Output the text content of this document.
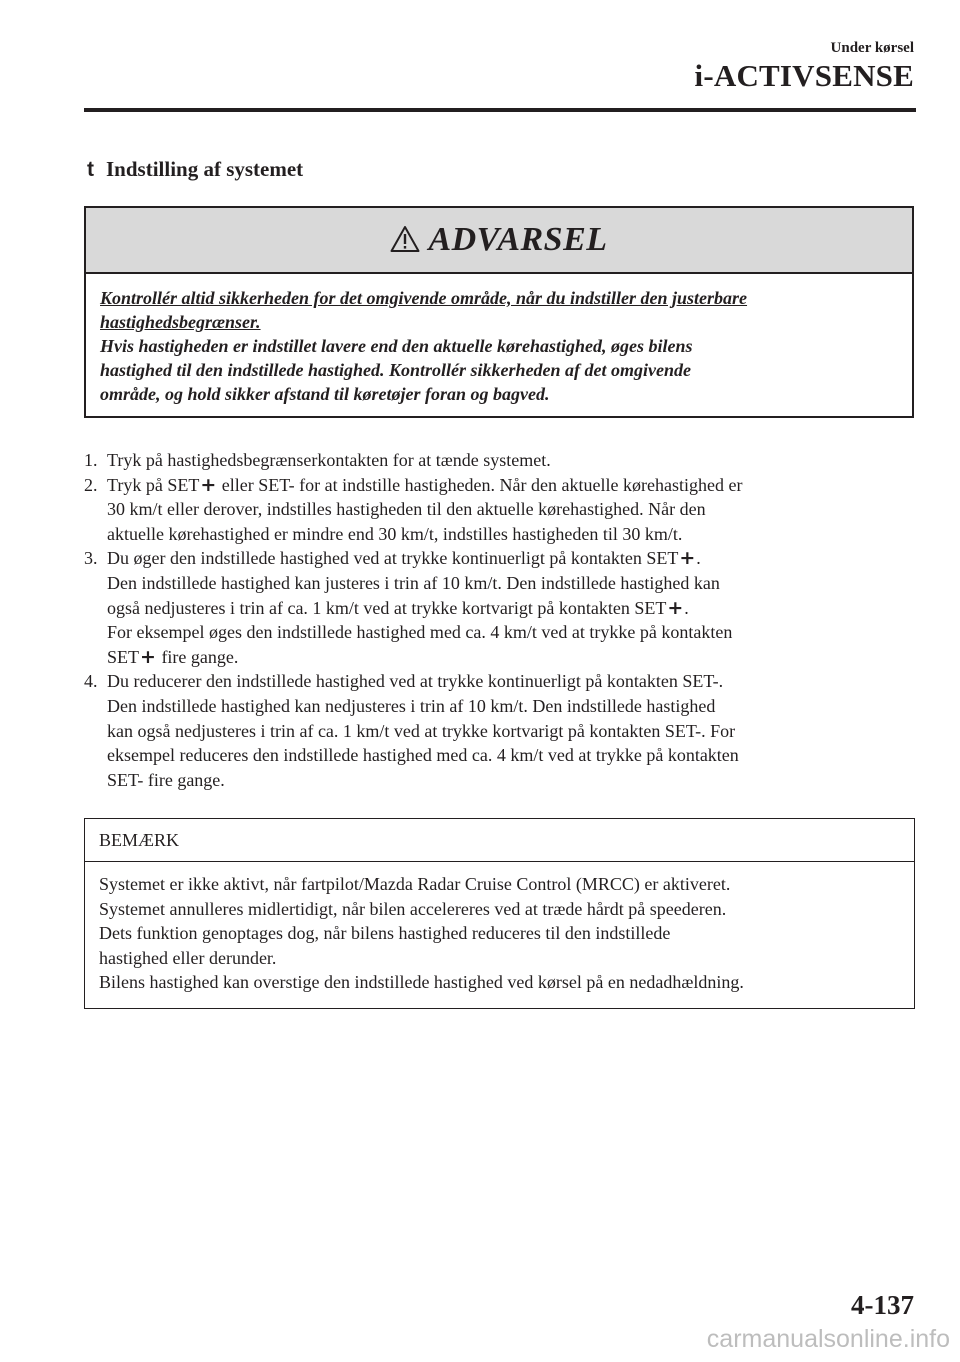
Under kørsel
i-ACTIVSENSE
t Indstilling af systemet
ADVARSEL
Kontrollér altid sikkerheden for det omgivende område, når du indstiller den justerbare
hastighedsbegrænser.
Hvis hastigheden er indstillet lavere end den aktuelle kørehastighed, øges bilens
hastighed til den indstillede hastighed. Kontrollér sikkerheden af det omgivende
område, og hold sikker afstand til køretøjer foran og bagved.
1. Tryk på hastighedsbegrænserkontakten for at tænde systemet.
2. Tryk på SET+ eller SET- for at indstille hastigheden. Når den aktuelle kørehastighed er
30 km/t eller derover, indstilles hastigheden til den aktuelle kørehastighed. Når den
aktuelle kørehastighed er mindre end 30 km/t, indstilles hastigheden til 30 km/t.
3. Du øger den indstillede hastighed ved at trykke kontinuerligt på kontakten SET+.
Den indstillede hastighed kan justeres i trin af 10 km/t. Den indstillede hastighed kan
også nedjusteres i trin af ca. 1 km/t ved at trykke kortvarigt på kontakten SET+.
For eksempel øges den indstillede hastighed med ca. 4 km/t ved at trykke på kontakten
SET+ fire gange.
4. Du reducerer den indstillede hastighed ved at trykke kontinuerligt på kontakten SET-.
Den indstillede hastighed kan nedjusteres i trin af 10 km/t. Den indstillede hastighed
kan også nedjusteres i trin af ca. 1 km/t ved at trykke kortvarigt på kontakten SET-. For
eksempel reduceres den indstillede hastighed med ca. 4 km/t ved at trykke på kontakten
SET- fire gange.
BEMÆRK
Systemet er ikke aktivt, når fartpilot/Mazda Radar Cruise Control (MRCC) er aktiveret.
Systemet annulleres midlertidigt, når bilen accelereres ved at træde hårdt på speederen.
Dets funktion genoptages dog, når bilens hastighed reduceres til den indstillede
hastighed eller derunder.
Bilens hastighed kan overstige den indstillede hastighed ved kørsel på en nedadhældning.
4-137
carmanualsonline.info
